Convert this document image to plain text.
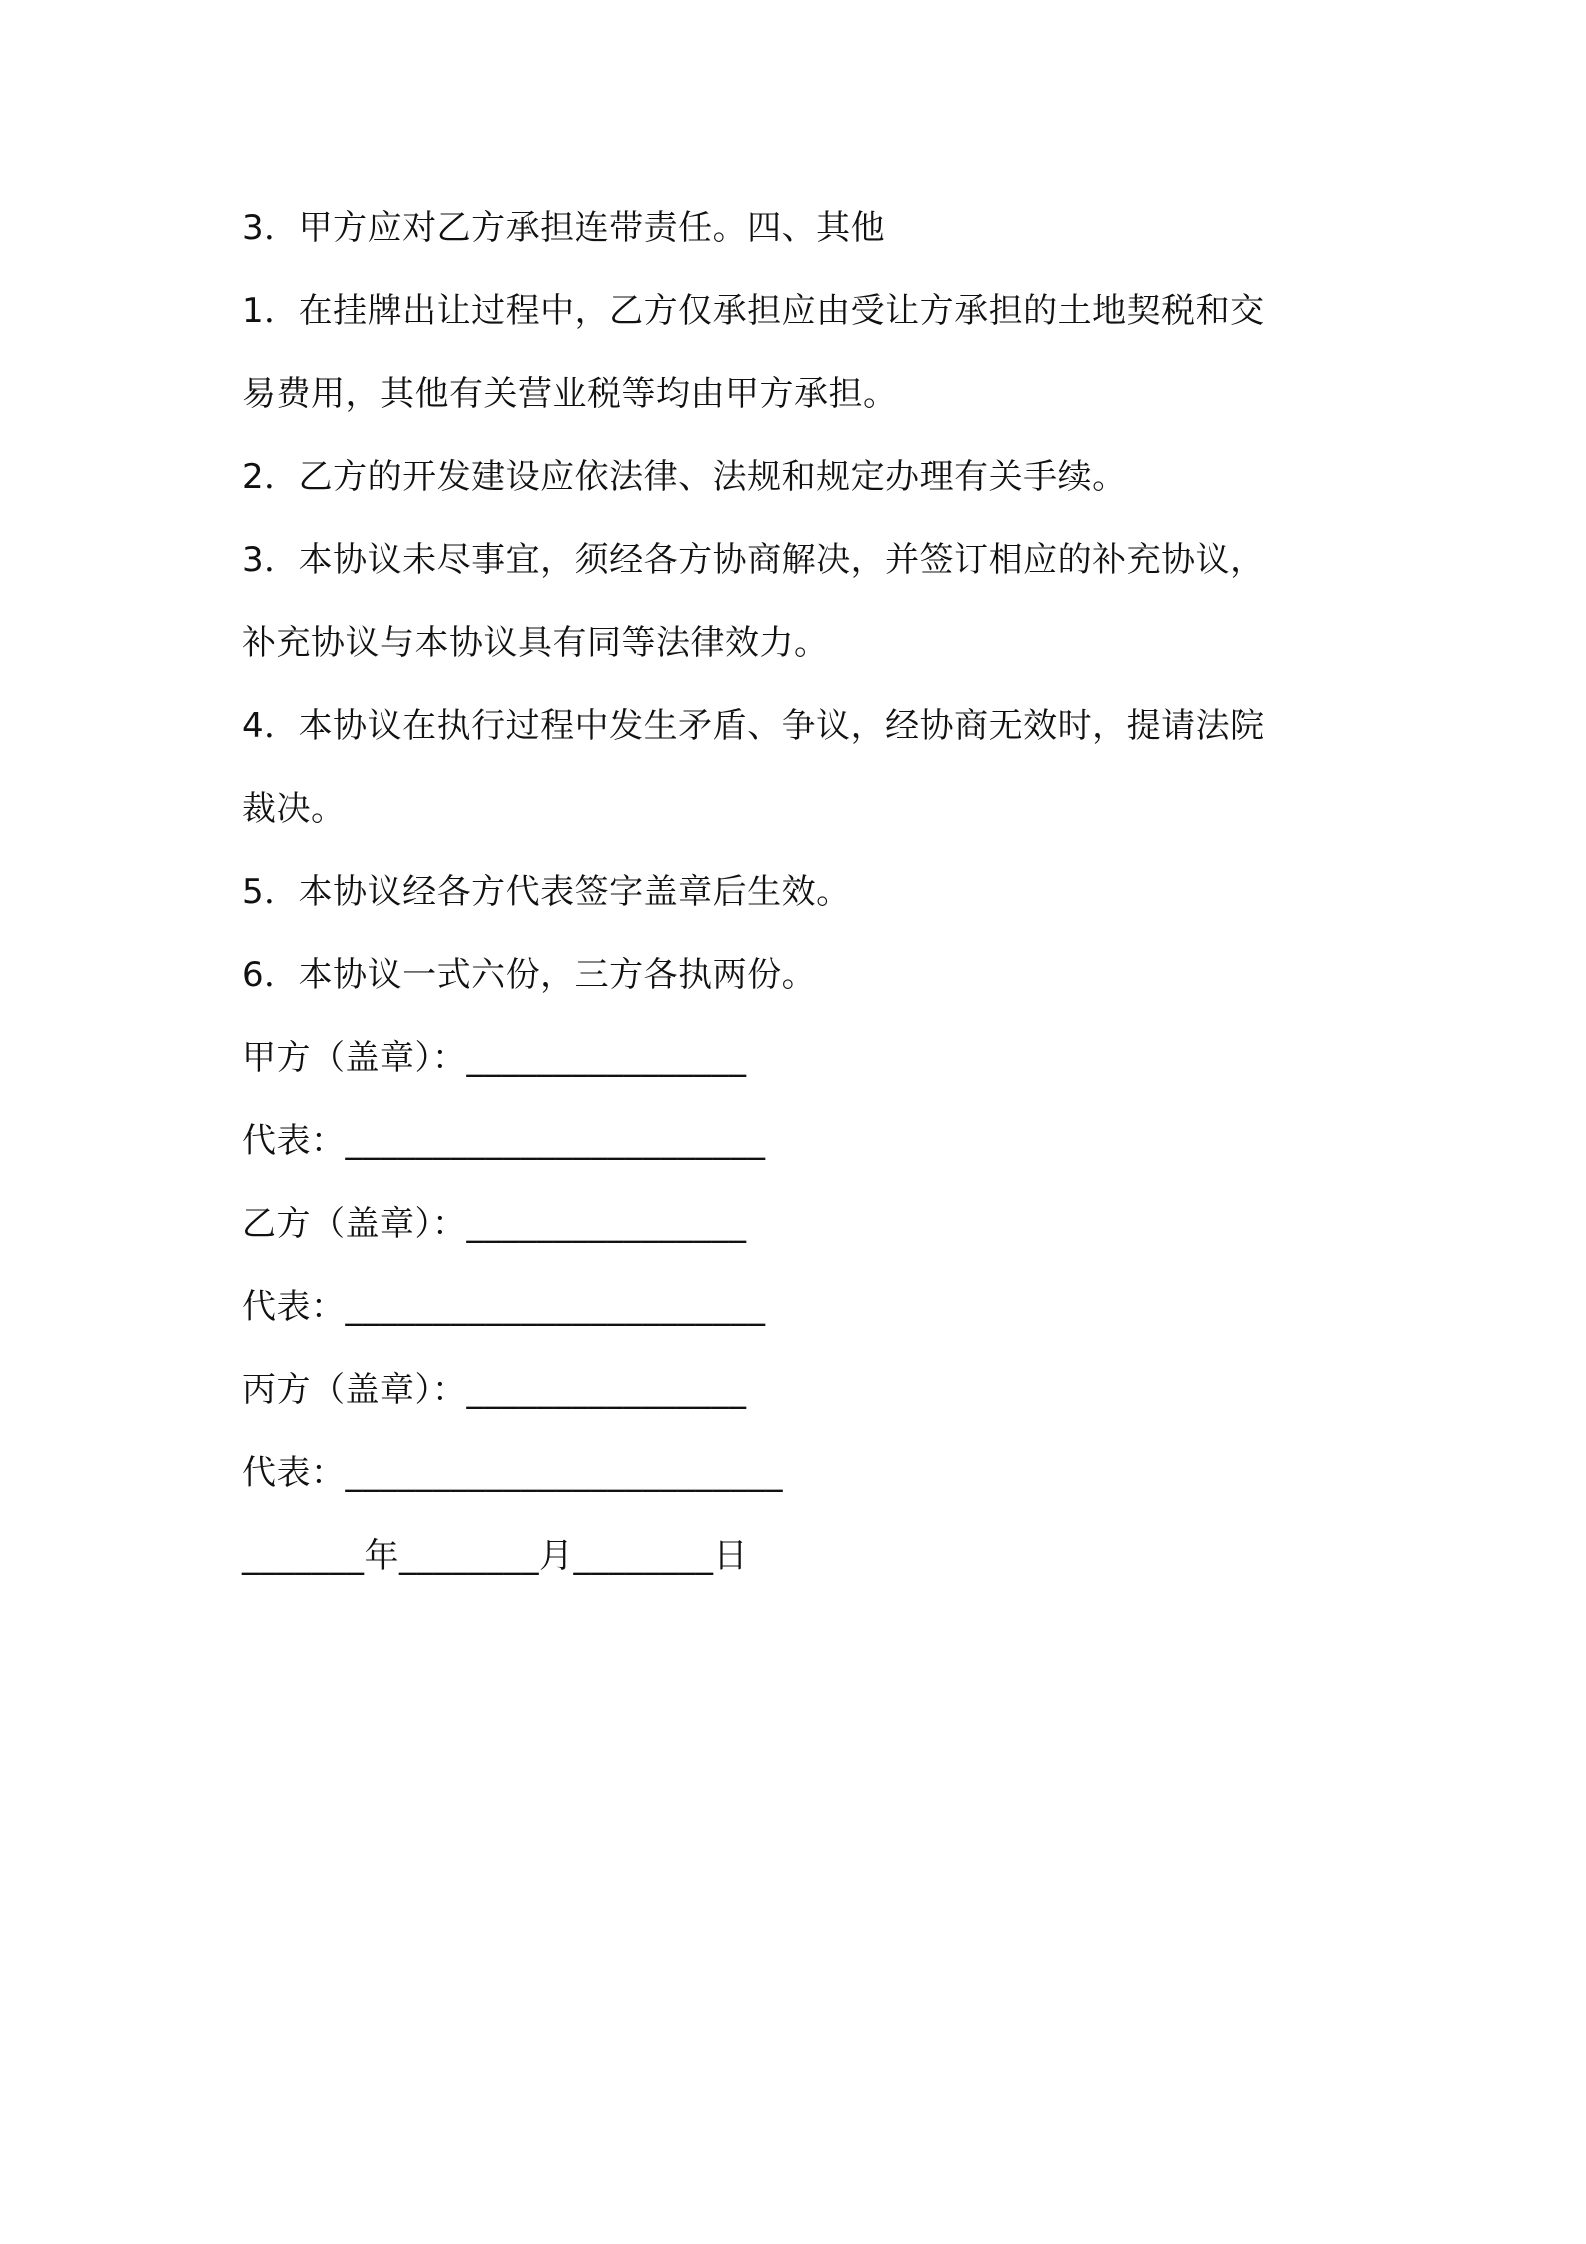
3．甲方应对乙方承担连带责任。四、其他
1．在挂牌出让过程中，乙方仅承担应由受让方承担的土地契税和交
易费用，其他有关营业税等均由甲方承担。
2．乙方的开发建设应依法律、法规和规定办理有关手续。
3．本协议未尽事宜，须经各方协商解决，并签订相应的补充协议，
补充协议与本协议具有同等法律效力。
4．本协议在执行过程中发生矛盾、争议，经协商无效时，提请法院
裁决。
5．本协议经各方代表签字盖章后生效。
6．本协议一式六份，三方各执两份。
甲方（盖章）：________________
代表：________________________
乙方（盖章）：________________
代表：________________________
丙方（盖章）：________________
代表：_________________________
_______年________月________日
